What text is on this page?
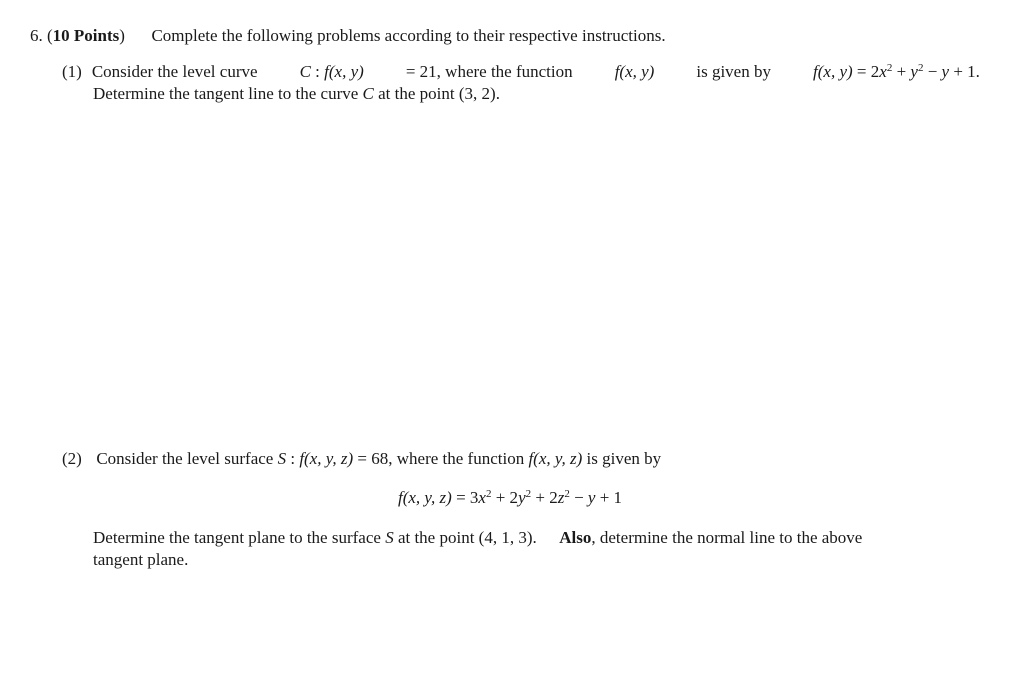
6. (10 Points) Complete the following problems according to their respective instructions.
(1) Consider the level curve C : f(x, y) = 21, where the function f(x, y) is given by f(x, $y) = 2x^2 + y^2 - y + 1$.
Determine the tangent line to the curve C at the point (3, 2).
(2) Consider the level surface S : f(x, y, z) = 68, where the function f(x, y, z) is given by
f(x, y, $z) = 3x^2 + 2y^2 + 2z^2 - y + 1$
Determine the tangent plane to the surface S at the point (4, 1, 3). Also, determine the normal line to the above
tangent plane.
